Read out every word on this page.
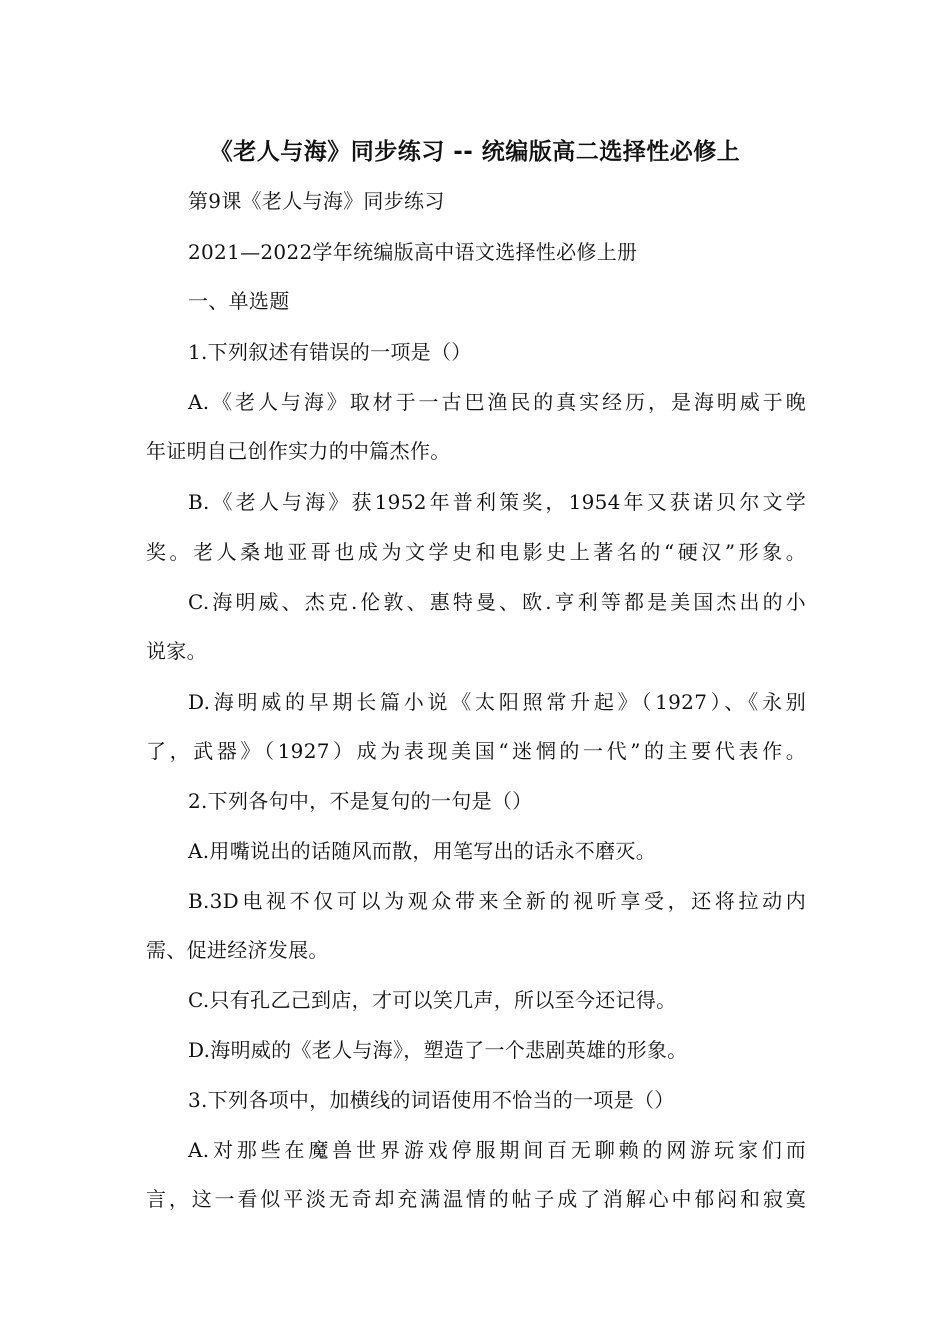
《老人与海》同步练习 -- 统编版高二选择性必修上
第9课《老人与海》同步练习
2021—2022学年统编版高中语文选择性必修上册
一、单选题
1.下列叙述有错误的一项是（）
A.《老人与海》取材于一古巴渔民的真实经历，是海明威于晚
年证明自己创作实力的中篇杰作。
B.《老人与海》获1952年普利策奖，1954年又获诺贝尔文学
奖。老人桑地亚哥也成为文学史和电影史上著名的“硬汉”形象。
C.海明威、杰克.伦敦、惠特曼、欧.亨利等都是美国杰出的小
说家。
D.海明威的早期长篇小说《太阳照常升起》（1927）、《永别
了，武器》（1927）成为表现美国“迷惘的一代”的主要代表作。
2.下列各句中，不是复句的一句是（）
A.用嘴说出的话随风而散，用笔写出的话永不磨灭。
B.3D电视不仅可以为观众带来全新的视听享受，还将拉动内
需、促进经济发展。
C.只有孔乙己到店，才可以笑几声，所以至今还记得。
D.海明威的《老人与海》，塑造了一个悲剧英雄的形象。
3.下列各项中，加横线的词语使用不恰当的一项是（）
A.对那些在魔兽世界游戏停服期间百无聊赖的网游玩家们而
言，这一看似平淡无奇却充满温情的帖子成了消解心中郁闷和寂寞
